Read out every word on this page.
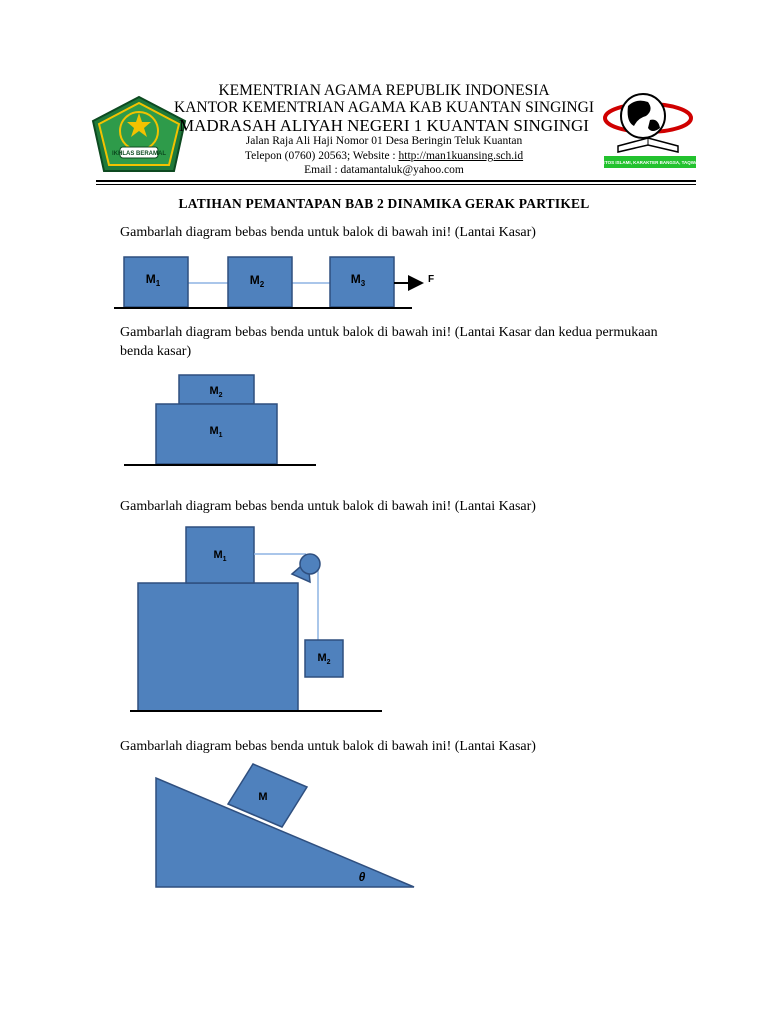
IKHLAS BERAMAL
ETOS ISLAMI, KARAKTER BANGSA, TAQWA
KEMENTRIAN AGAMA REPUBLIK INDONESIA
KANTOR KEMENTRIAN AGAMA KAB KUANTAN SINGINGI
MADRASAH ALIYAH NEGERI 1 KUANTAN SINGINGI
Jalan Raja Ali Haji Nomor 01 Desa Beringin Teluk Kuantan
Telepon (0760) 20563; Website : http://man1kuansing.sch.id
Email : datamantaluk@yahoo.com
LATIHAN PEMANTAPAN BAB 2 DINAMIKA GERAK PARTIKEL
Gambarlah diagram bebas benda untuk balok di bawah ini! (Lantai Kasar)
$M_1$	$M_2$	$M_3$	F
Gambarlah diagram bebas benda untuk balok di bawah ini! (Lantai Kasar dan kedua permukaan benda kasar)
$M_2$
$M_1$
Gambarlah diagram bebas benda untuk balok di bawah ini! (Lantai Kasar)
$M_1$
$M_2$
Gambarlah diagram bebas benda untuk balok di bawah ini! (Lantai Kasar)
M
θ
